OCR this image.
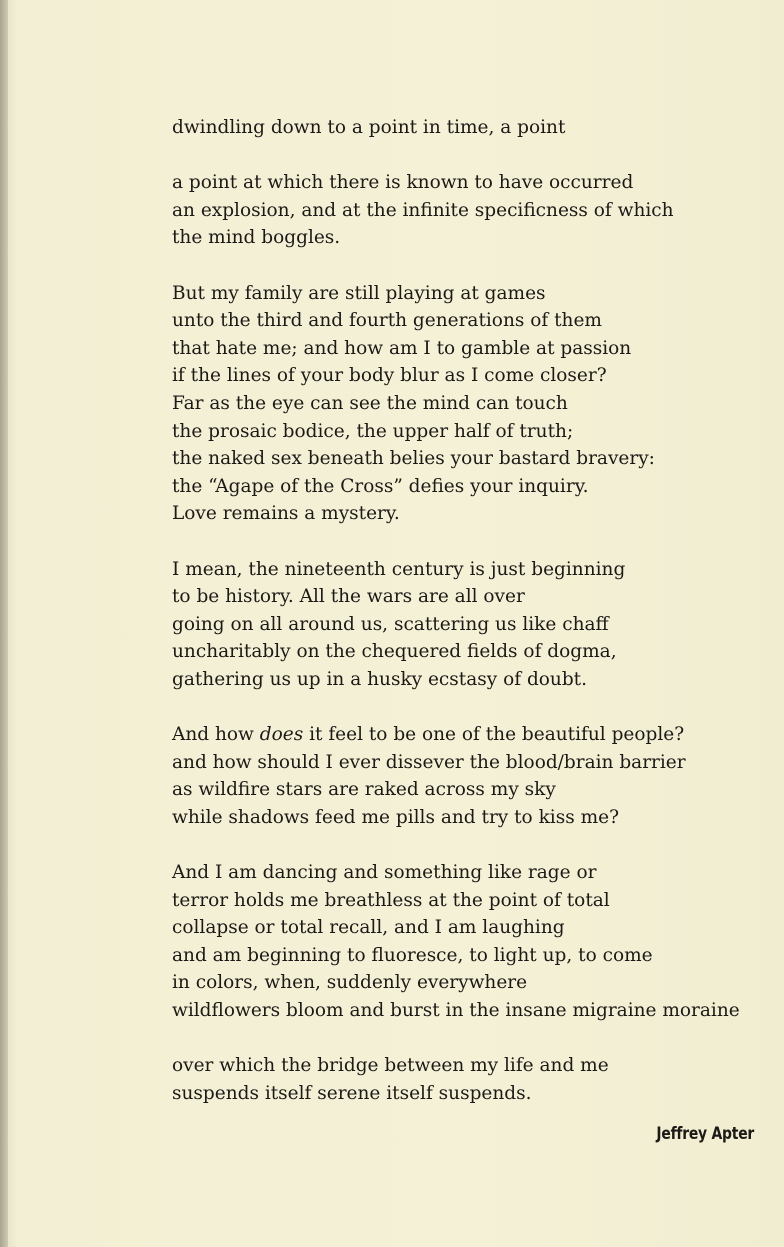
dwindling down to a point in time, a point
a point at which there is known to have occurred
an explosion, and at the infinite specificness of which
the mind boggles.
But my family are still playing at games
unto the third and fourth generations of them
that hate me; and how am I to gamble at passion
if the lines of your body blur as I come closer?
Far as the eye can see the mind can touch
the prosaic bodice, the upper half of truth;
the naked sex beneath belies your bastard bravery:
the “Agape of the Cross” defies your inquiry.
Love remains a mystery.
I mean, the nineteenth century is just beginning
to be history. All the wars are all over
going on all around us, scattering us like chaff
uncharitably on the chequered fields of dogma,
gathering us up in a husky ecstasy of doubt.
And how does it feel to be one of the beautiful people?
and how should I ever dissever the blood/brain barrier
as wildfire stars are raked across my sky
while shadows feed me pills and try to kiss me?
And I am dancing and something like rage or
terror holds me breathless at the point of total
collapse or total recall, and I am laughing
and am beginning to fluoresce, to light up, to come
in colors, when, suddenly everywhere
wildflowers bloom and burst in the insane migraine moraine
over which the bridge between my life and me
suspends itself serene itself suspends.
Jeffrey Apter
